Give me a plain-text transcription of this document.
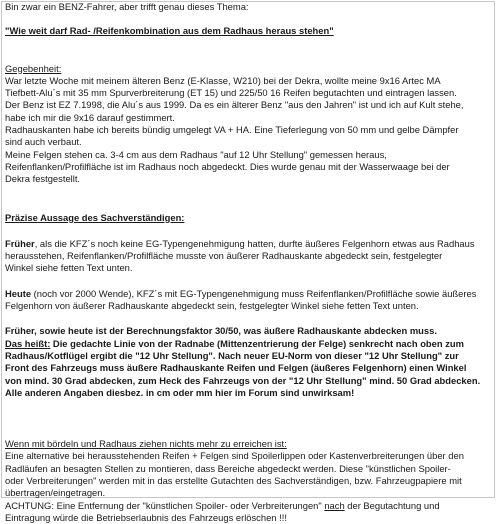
Bin zwar ein BENZ-Fahrer, aber trifft genau dieses Thema:

"Wie weit darf Rad- /Reifenkombination aus dem Radhaus heraus stehen"

Gegebenheit:

War letzte Woche mit meinem älteren Benz (E-Klasse, W210) bei der Dekra, wollte meine 9x16 Artec MA

Tiefbett-Alu´s mit 35 mm Spurverbreiterung (ET 15) und 225/50 16 Reifen begutachten und eintragen lassen.

Der Benz ist EZ 7.1998, die Alu´s aus 1999. Da es ein älterer Benz "aus den Jahren" ist und ich auf Kult stehe,

habe ich mir die 9x16 darauf gestimmert.

Radhauskanten habe ich bereits bündig umgelegt VA + HA. Eine Tieferlegung von 50 mm und gelbe Dämpfer

sind auch verbaut.

Meine Felgen stehen ca. 3-4 cm aus dem Radhaus "auf 12 Uhr Stellung" gemessen heraus,

Reifenflanken/Profilfläche ist im Radhaus noch abgedeckt. Dies wurde genau mit der Wasserwaage bei der

Dekra festgestellt.

Präzise Aussage des Sachverständigen:

Früher, als die KFZ´s noch keine EG-Typengenehmigung hatten, durfte äußeres Felgenhorn etwas aus Radhaus

herausstehen, Reifenflanken/Profilfläche musste von äußerer Radhauskante abgedeckt sein, festgelegter

Winkel siehe fetten Text unten.

Heute (noch vor 2000 Wende), KFZ´s mit EG-Typengenehmigung muss Reifenflanken/Profilfläche sowie äußeres

Felgenhorn von äußerer Radhauskante abgedeckt sein, festgelegter Winkel siehe fetten Text unten.

Früher, sowie heute ist der Berechnungsfaktor 30/50, was äußere Radhauskante abdecken muss.

Das heißt: Die gedachte Linie von der Radnabe (Mittenzentrierung der Felge) senkrecht nach oben zum

Radhaus/Kotflügel ergibt die "12 Uhr Stellung". Nach neuer EU-Norm von dieser "12 Uhr Stellung" zur

Front des Fahrzeugs muss äußere Radhauskante Reifen und Felgen (äußeres Felgenhorn) einen Winkel

von mind. 30 Grad abdecken, zum Heck des Fahrzeugs von der "12 Uhr Stellung" mind. 50 Grad abdecken.

Alle anderen Angaben diesbez. in cm oder mm hier im Forum sind unwirksam!

Wenn mit bördeln und Radhaus ziehen nichts mehr zu erreichen ist:

Eine alternative bei herausstehenden Reifen + Felgen sind Spoilerlippen oder Kastenverbreiterungen über den

Radläufen an besagten Stellen zu montieren, dass Bereiche abgedeckt werden. Diese "künstlichen Spoiler-

oder Verbreiterungen" werden mit in das erstellte Gutachten des Sachverständigen, bzw. Fahrzeugpapiere mit

übertragen/eingetragen.

ACHTUNG: Eine Entfernung der "künstlichen Spoiler- oder Verbreiterungen" nach der Begutachtung und

Eintragung würde die Betriebserlaubnis des Fahrzeugs erlöschen !!!
